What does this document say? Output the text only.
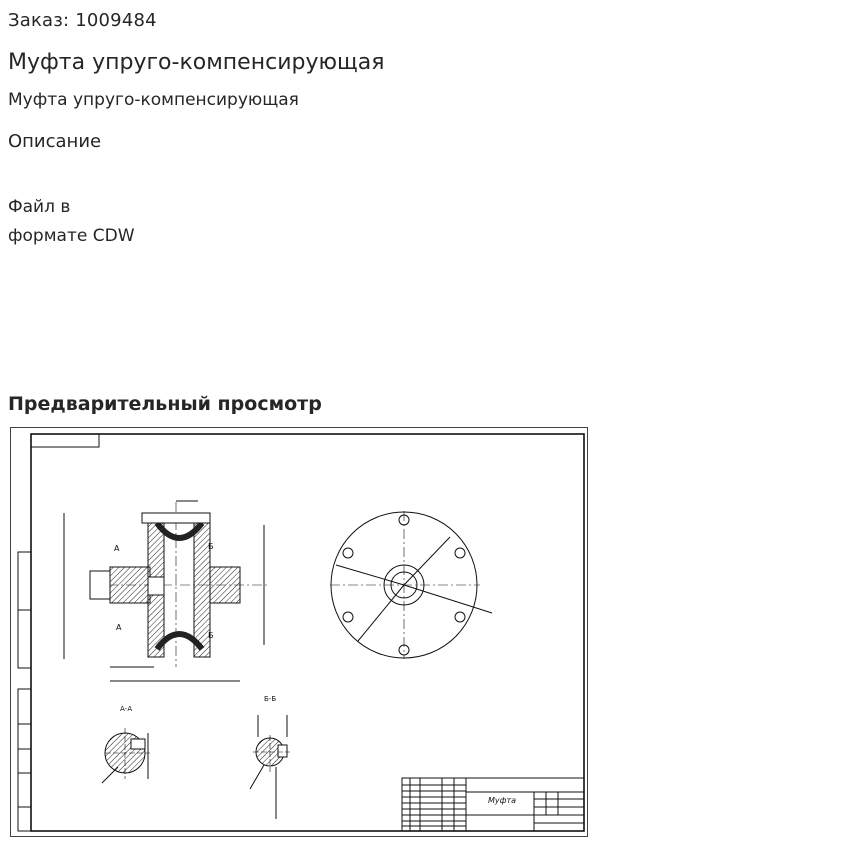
Заказ: 1009484
Муфта упруго-компенсирующая
Муфта упруго-компенсирующая
Описание
Файл в
формате CDW
Предварительный просмотр
А-А
Б-Б
А
А
Б
Б
Муфта
